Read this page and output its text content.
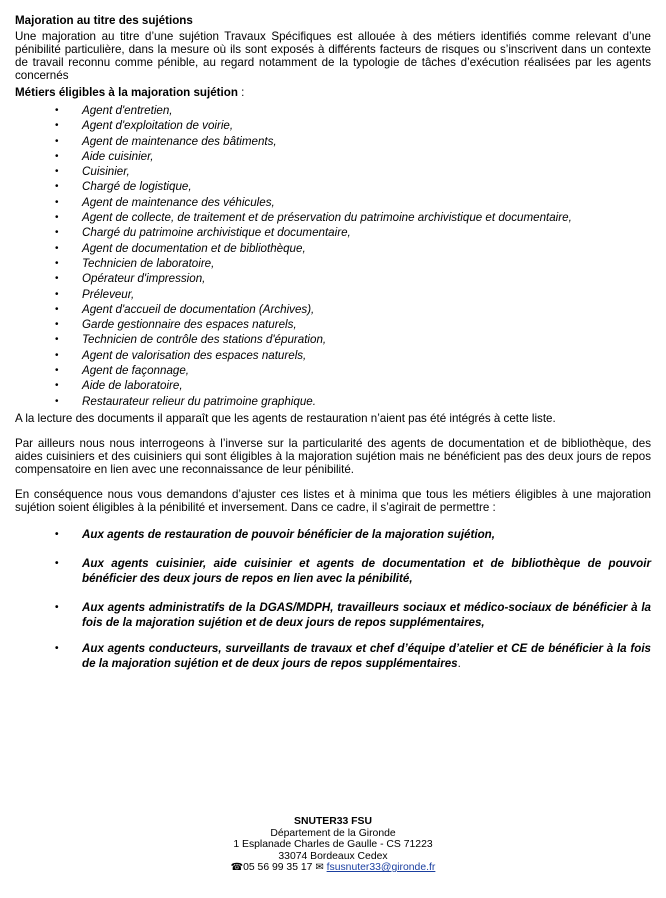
Majoration au titre des sujétions

Une majoration au titre d’une sujétion Travaux Spécifiques est allouée à des métiers identifiés comme relevant d’une pénibilité particulière, dans la mesure où ils sont exposés à différents facteurs de risques ou s’inscrivent dans un contexte de travail reconnu comme pénible, au regard notamment de la typologie de tâches d’exécution réalisées par les agents concernés

Métiers éligibles à la majoration sujétion :

• Agent d'entretien,
• Agent d'exploitation de voirie,
• Agent de maintenance des bâtiments,
• Aide cuisinier,
• Cuisinier,
• Chargé de logistique,
• Agent de maintenance des véhicules,
• Agent de collecte, de traitement et de préservation du patrimoine archivistique et documentaire,
• Chargé du patrimoine archivistique et documentaire,
• Agent de documentation et de bibliothèque,
• Technicien de laboratoire,
• Opérateur d'impression,
• Préleveur,
• Agent d'accueil de documentation (Archives),
• Garde gestionnaire des espaces naturels,
• Technicien de contrôle des stations d'épuration,
• Agent de valorisation des espaces naturels,
• Agent de façonnage,
• Aide de laboratoire,
• Restaurateur relieur du patrimoine graphique.

A la lecture des documents il apparaît que les agents de restauration n’aient pas été intégrés à cette liste.

Par ailleurs nous nous interrogeons à l’inverse sur la particularité des agents de documentation et de bibliothèque, des aides cuisiniers et des cuisiniers qui sont éligibles à la majoration sujétion mais ne bénéficient pas des deux jours de repos compensatoire en lien avec une reconnaissance de leur pénibilité.

En conséquence nous vous demandons d’ajuster ces listes et à minima que tous les métiers éligibles à une majoration sujétion soient éligibles à la pénibilité et inversement. Dans ce cadre, il s’agirait de permettre :

• Aux agents de restauration de pouvoir bénéficier de la majoration sujétion,
• Aux agents cuisinier, aide cuisinier et agents de documentation et de bibliothèque de pouvoir bénéficier des deux jours de repos en lien avec la pénibilité,
• Aux agents administratifs de la DGAS/MDPH, travailleurs sociaux et médico-sociaux de bénéficier à la fois de la majoration sujétion et de deux jours de repos supplémentaires,
• Aux agents conducteurs, surveillants de travaux et chef d’équipe d’atelier et CE de bénéficier à la fois de la majoration sujétion et de deux jours de repos supplémentaires.
SNUTER33 FSU
Département de la Gironde
1 Esplanade Charles de Gaulle - CS 71223
33074 Bordeaux Cedex
☎05 56 99 35 17 ✉ fsusnuter33@gironde.fr
